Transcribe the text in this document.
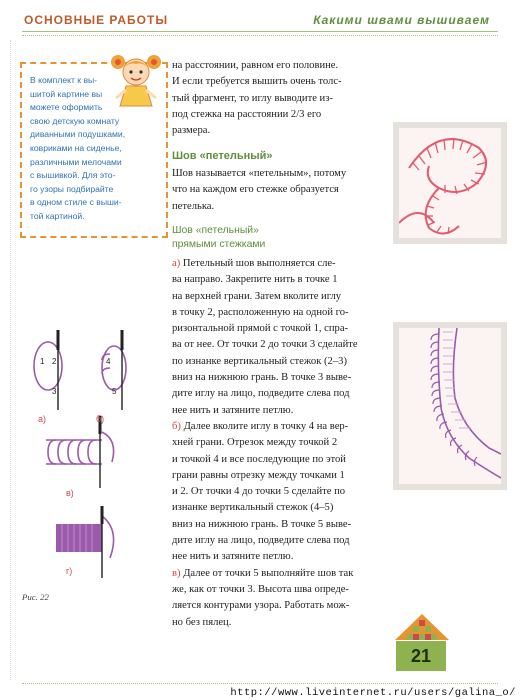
ОСНОВНЫЕ РАБОТЫ	Какими швами вышиваем
В комплект к вы-
шитой картине вы
можете оформить
свою детскую комнату
диванными подушками,
ковриками на сиденье,
различными мелочами
с вышивкой. Для это-
го узоры подбирайте
в одном стиле с выши-
той картиной.

на расстоянии, равном его половине.

И если требуется вышить очень толс-

тый фрагмент, то иглу выводите из-

под стежка на расстоянии 2/3 его

размера.

Шов «петельный»

Шов называется «петельным», потому

что на каждом его стежке образуется

петелька.

Шов «петельный»
прямыми стежками

а) Петельный шов выполняется сле-

ва направо. Закрепите нить в точке 1

на верхней грани. Затем вколите иглу

в точку 2, расположенную на одной го-

ризонтальной прямой с точкой 1, спра-

ва от нее. От точки 2 до точки 3 сделайте

по изнанке вертикальный стежок (2–3)

вниз на нижнюю грань. В точке 3 выве-

дите иглу на лицо, подведите слева под

нее нить и затяните петлю.

б) Далее вколите иглу в точку 4 на вер-

хней грани. Отрезок между точкой 2

и точкой 4 и все последующие по этой

грани равны отрезку между точками 1

и 2. От точки 4 до точки 5 сделайте по

изнанке вертикальный стежок (4–5)

вниз на нижнюю грань. В точке 5 выве-

дите иглу на лицо, подведите слева под

нее нить и затяните петлю.

в) Далее от точки 5 выполняйте шов так

же, как от точки 3. Высота шва опреде-

ляется контурами узора. Работать мож-

но без пялец.

1 2
3
4
5
а)	б)
в)
г)
Рис. 22
21
http://www.liveinternet.ru/users/galina_o/
